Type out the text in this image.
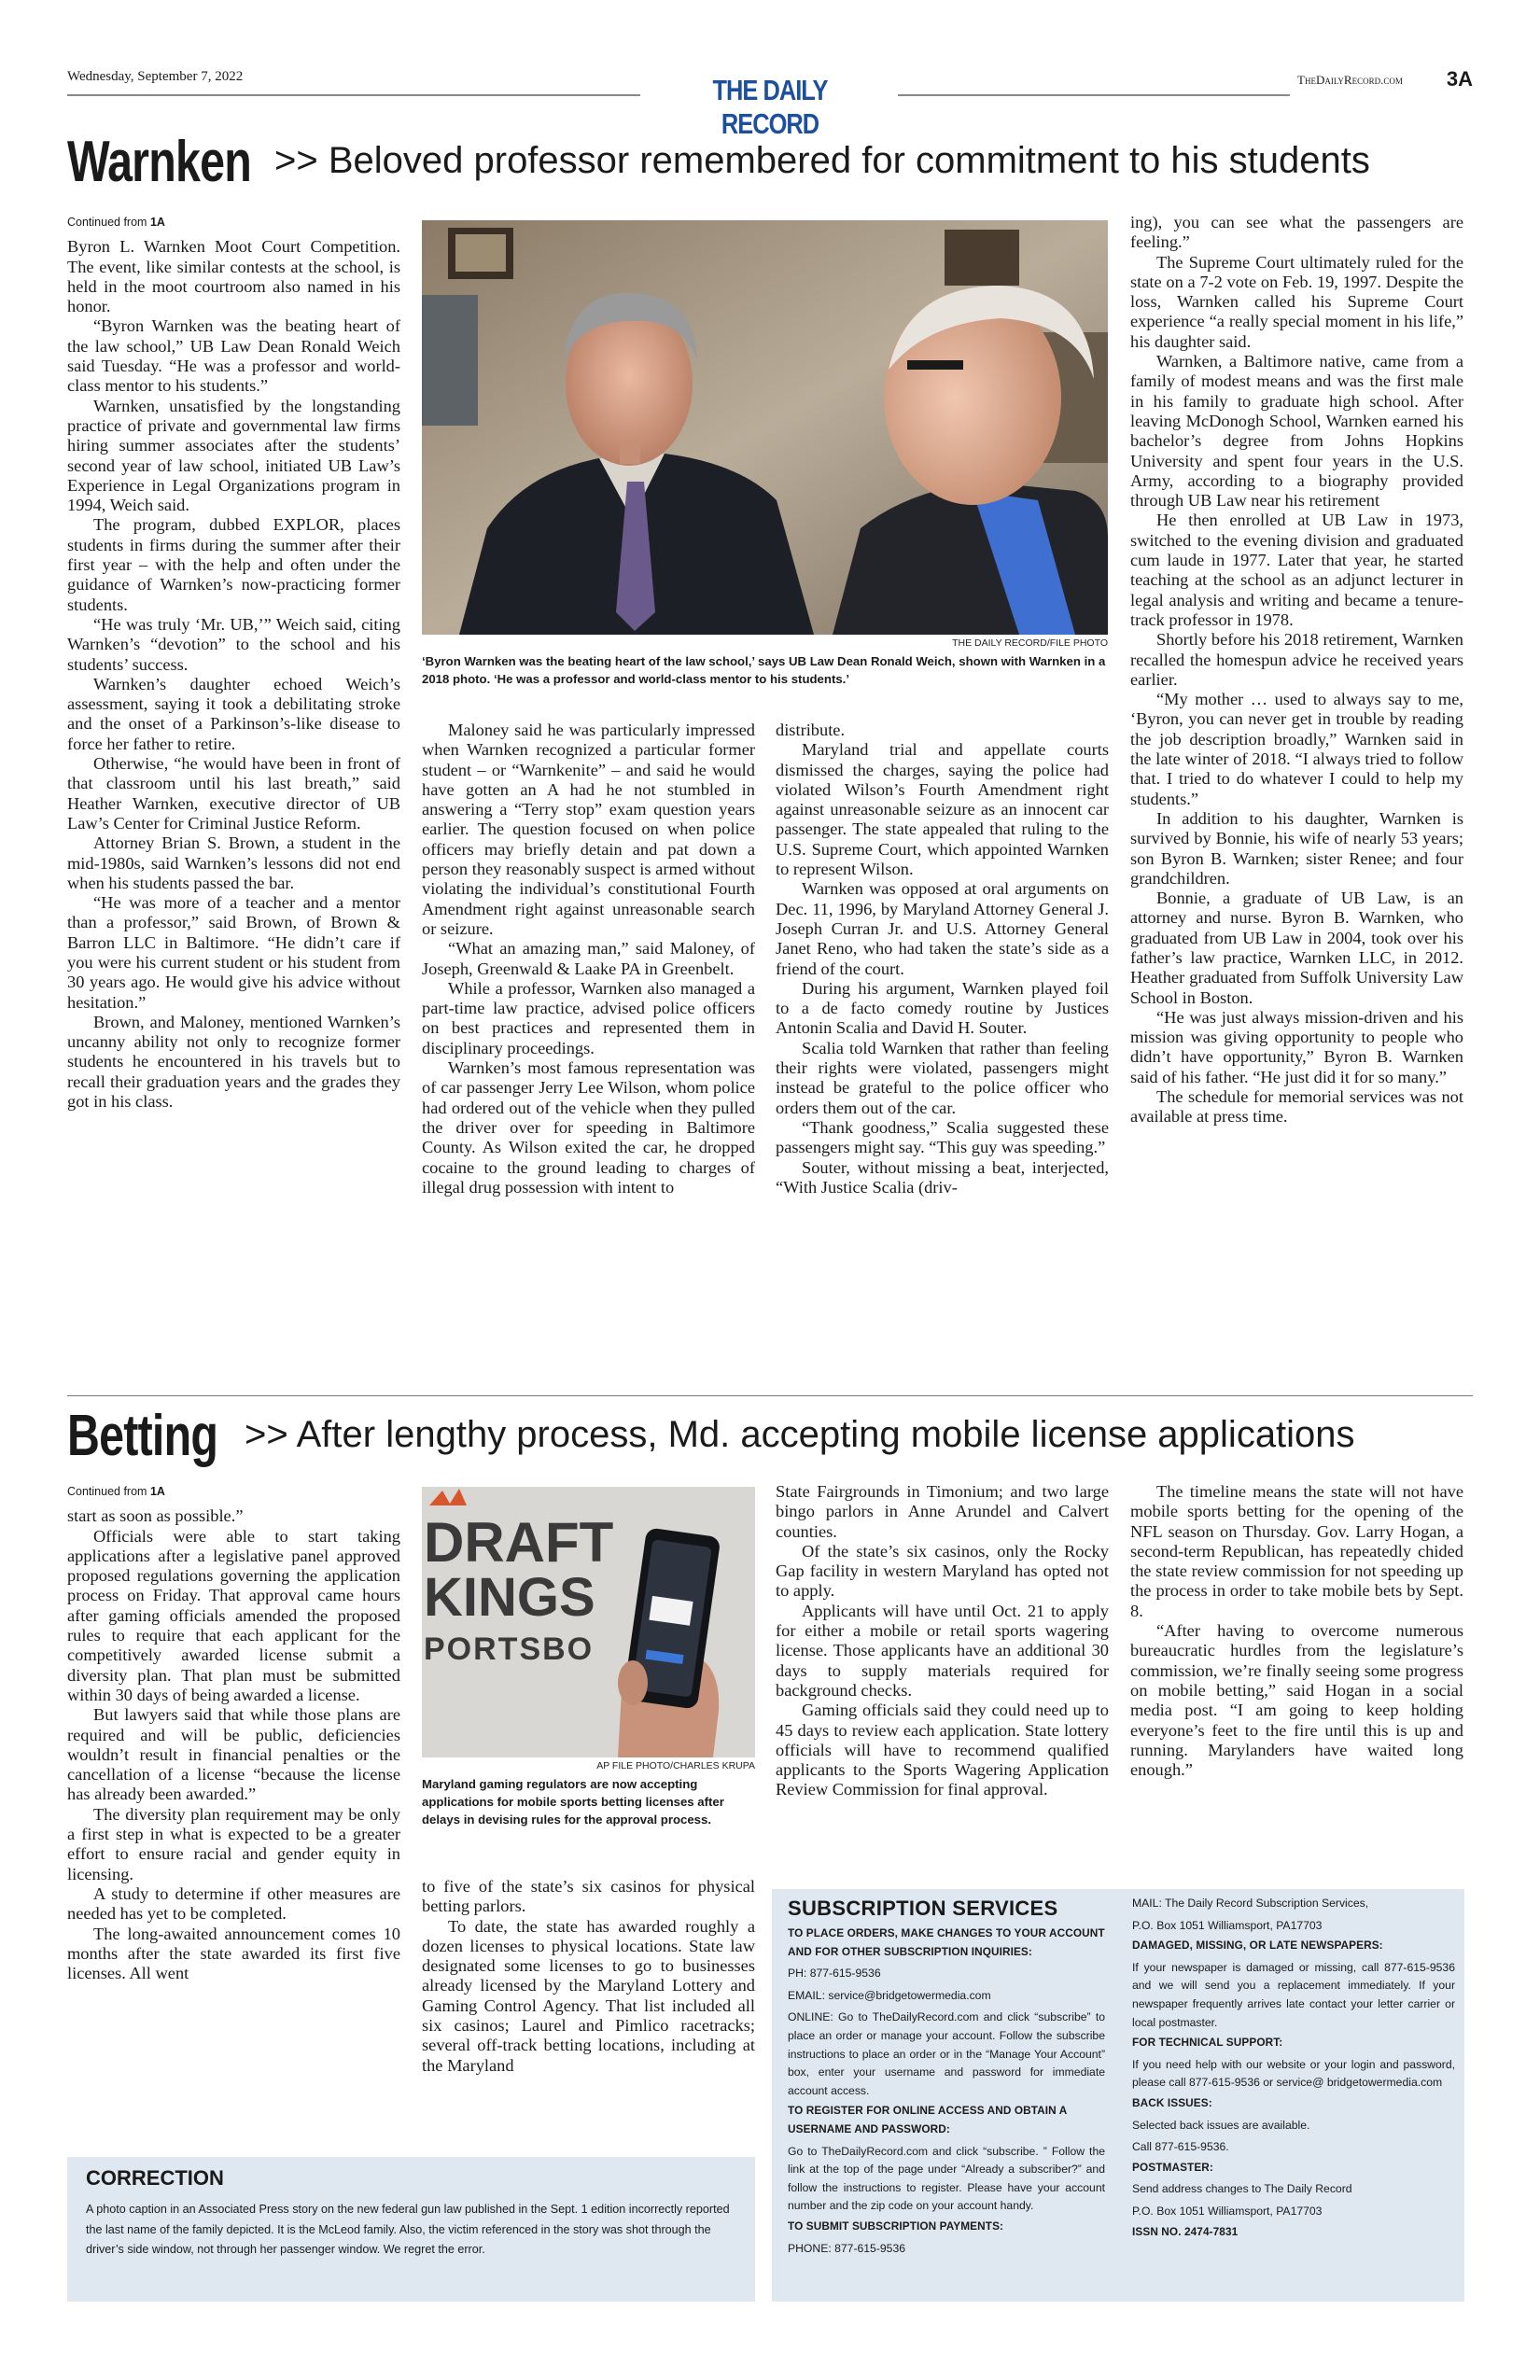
Wednesday, September 7, 2022	THE DAILY RECORD
TheDailyRecord.com 3A
Warnken >> Beloved professor remembered for commitment to his students

Continued from 1A

Byron L. Warnken Moot Court Competition. The event, like similar contests at the school, is held in the moot courtroom also named in his honor.

“Byron Warnken was the beating heart of the law school,” UB Law Dean Ronald Weich said Tuesday. “He was a professor and world-class mentor to his students.”

Warnken, unsatisfied by the longstanding practice of private and governmental law firms hiring summer associates after the students’ second year of law school, initiated UB Law’s Experience in Legal Organizations program in 1994, Weich said.

The program, dubbed EXPLOR, places students in firms during the summer after their first year – with the help and often under the guidance of Warnken’s now-practicing former students.

“He was truly ‘Mr. UB,’” Weich said, citing Warnken’s “devotion” to the school and his students’ success.

Warnken’s daughter echoed Weich’s assessment, saying it took a debilitating stroke and the onset of a Parkinson’s-like disease to force her father to retire.

Otherwise, “he would have been in front of that classroom until his last breath,” said Heather Warnken, executive director of UB Law’s Center for Criminal Justice Reform.

Attorney Brian S. Brown, a student in the mid-1980s, said Warnken’s lessons did not end when his students passed the bar.

“He was more of a teacher and a mentor than a professor,” said Brown, of Brown & Barron LLC in Baltimore. “He didn’t care if you were his current student or his student from 30 years ago. He would give his advice without hesitation.”

Brown, and Maloney, mentioned Warnken’s uncanny ability not only to recognize former students he encountered in his travels but to recall their graduation years and the grades they got in his class.

THE DAILY RECORD/FILE PHOTO
‘Byron Warnken was the beating heart of the law school,’ says UB Law Dean Ronald Weich, shown with Warnken in a 2018 photo. ‘He was a professor and world-class mentor to his students.’

Maloney said he was particularly impressed when Warnken recognized a particular former student – or “Warnkenite” – and said he would have gotten an A had he not stumbled in answering a “Terry stop” exam question years earlier. The question focused on when police officers may briefly detain and pat down a person they reasonably suspect is armed without violating the individual’s constitutional Fourth Amendment right against unreasonable search or seizure.

“What an amazing man,” said Maloney, of Joseph, Greenwald & Laake PA in Greenbelt.

While a professor, Warnken also managed a part-time law practice, advised police officers on best practices and represented them in disciplinary proceedings.

Warnken’s most famous representation was of car passenger Jerry Lee Wilson, whom police had ordered out of the vehicle when they pulled the driver over for speeding in Baltimore County. As Wilson exited the car, he dropped cocaine to the ground leading to charges of illegal drug possession with intent to

distribute.

Maryland trial and appellate courts dismissed the charges, saying the police had violated Wilson’s Fourth Amendment right against unreasonable seizure as an innocent car passenger. The state appealed that ruling to the U.S. Supreme Court, which appointed Warnken to represent Wilson.

Warnken was opposed at oral arguments on Dec. 11, 1996, by Maryland Attorney General J. Joseph Curran Jr. and U.S. Attorney General Janet Reno, who had taken the state’s side as a friend of the court.

During his argument, Warnken played foil to a de facto comedy routine by Justices Antonin Scalia and David H. Souter.

Scalia told Warnken that rather than feeling their rights were violated, passengers might instead be grateful to the police officer who orders them out of the car.

“Thank goodness,” Scalia suggested these passengers might say. “This guy was speeding.”

Souter, without missing a beat, interjected, “With Justice Scalia (driv-

ing), you can see what the passengers are feeling.”

The Supreme Court ultimately ruled for the state on a 7-2 vote on Feb. 19, 1997. Despite the loss, Warnken called his Supreme Court experience “a really special moment in his life,” his daughter said.

Warnken, a Baltimore native, came from a family of modest means and was the first male in his family to graduate high school. After leaving McDonogh School, Warnken earned his bachelor’s degree from Johns Hopkins University and spent four years in the U.S. Army, according to a biography provided through UB Law near his retirement

He then enrolled at UB Law in 1973, switched to the evening division and graduated cum laude in 1977. Later that year, he started teaching at the school as an adjunct lecturer in legal analysis and writing and became a tenure-track professor in 1978.

Shortly before his 2018 retirement, Warnken recalled the homespun advice he received years earlier.

“My mother … used to always say to me, ‘Byron, you can never get in trouble by reading the job description broadly,” Warnken said in the late winter of 2018. “I always tried to follow that. I tried to do whatever I could to help my students.”

In addition to his daughter, Warnken is survived by Bonnie, his wife of nearly 53 years; son Byron B. Warnken; sister Renee; and four grandchildren.

Bonnie, a graduate of UB Law, is an attorney and nurse. Byron B. Warnken, who graduated from UB Law in 2004, took over his father’s law practice, Warnken LLC, in 2012. Heather graduated from Suffolk University Law School in Boston.

“He was just always mission-driven and his mission was giving opportunity to people who didn’t have opportunity,” Byron B. Warnken said of his father. “He just did it for so many.”

The schedule for memorial services was not available at press time.

Betting >> After lengthy process, Md. accepting mobile license applications

Continued from 1A

start as soon as possible.”

Officials were able to start taking applications after a legislative panel approved proposed regulations governing the application process on Friday. That approval came hours after gaming officials amended the proposed rules to require that each applicant for the competitively awarded license submit a diversity plan. That plan must be submitted within 30 days of being awarded a license.

But lawyers said that while those plans are required and will be public, deficiencies wouldn’t result in financial penalties or the cancellation of a license “because the license has already been awarded.”

The diversity plan requirement may be only a first step in what is expected to be a greater effort to ensure racial and gender equity in licensing.

A study to determine if other measures are needed has yet to be completed.

The long-awaited announcement comes 10 months after the state awarded its first five licenses. All went

DRAFT
KINGS
PORTSBO
AP FILE PHOTO/CHARLES KRUPA
Maryland gaming regulators are now accepting applications for mobile sports betting licenses after delays in devising rules for the approval process.

to five of the state’s six casinos for physical betting parlors.

To date, the state has awarded roughly a dozen licenses to physical locations. State law designated some licenses to go to businesses already licensed by the Maryland Lottery and Gaming Control Agency. That list included all six casinos; Laurel and Pimlico racetracks; several off-track betting locations, including at the Maryland

State Fairgrounds in Timonium; and two large bingo parlors in Anne Arundel and Calvert counties.

Of the state’s six casinos, only the Rocky Gap facility in western Maryland has opted not to apply.

Applicants will have until Oct. 21 to apply for either a mobile or retail sports wagering license. Those applicants have an additional 30 days to supply materials required for background checks.

Gaming officials said they could need up to 45 days to review each application. State lottery officials will have to recommend qualified applicants to the Sports Wagering Application Review Commission for final approval.

The timeline means the state will not have mobile sports betting for the opening of the NFL season on Thursday. Gov. Larry Hogan, a second-term Republican, has repeatedly chided the state review commission for not speeding up the process in order to take mobile bets by Sept. 8.

“After having to overcome numerous bureaucratic hurdles from the legislature’s commission, we’re finally seeing some progress on mobile betting,” said Hogan in a social media post. “I am going to keep holding everyone’s feet to the fire until this is up and running. Marylanders have waited long enough.”

SUBSCRIPTION SERVICES
TO PLACE ORDERS, MAKE CHANGES TO YOUR ACCOUNT AND FOR OTHER SUBSCRIPTION INQUIRIES:
PH: 877-615-9536
EMAIL: service@bridgetowermedia.com
ONLINE: Go to TheDailyRecord.com and click “subscribe” to place an order or manage your account. Follow the subscribe instructions to place an order or in the “Manage Your Account” box, enter your username and password for immediate account access.
TO REGISTER FOR ONLINE ACCESS AND OBTAIN A USERNAME AND PASSWORD:
Go to TheDailyRecord.com and click “subscribe. ” Follow the link at the top of the page under “Already a subscriber?” and follow the instructions to register. Please have your account number and the zip code on your account handy.
TO SUBMIT SUBSCRIPTION PAYMENTS:
PHONE: 877-615-9536
MAIL: The Daily Record Subscription Services,
P.O. Box 1051 Williamsport, PA17703
DAMAGED, MISSING, OR LATE NEWSPAPERS:
If your newspaper is damaged or missing, call 877-615-9536 and we will send you a replacement immediately. If your newspaper frequently arrives late contact your letter carrier or local postmaster.
FOR TECHNICAL SUPPORT:
If you need help with our website or your login and password, please call 877-615-9536 or service@ bridgetowermedia.com
BACK ISSUES:
Selected back issues are available.
Call 877-615-9536.
POSTMASTER:
Send address changes to The Daily Record
P.O. Box 1051 Williamsport, PA17703
ISSN NO. 2474-7831
CORRECTION
A photo caption in an Associated Press story on the new federal gun law published in the Sept. 1 edition incorrectly reported the last name of the family depicted. It is the McLeod family. Also, the victim referenced in the story was shot through the driver’s side window, not through her passenger window. We regret the error.
